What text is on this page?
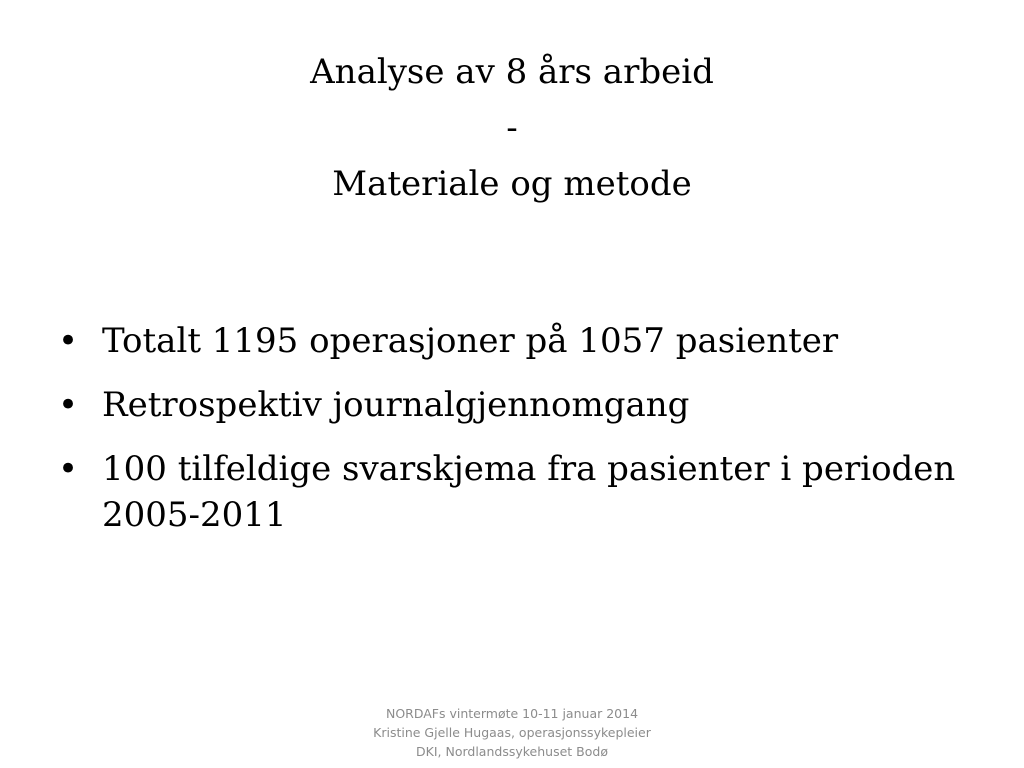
Analyse av 8 års arbeid
-
Materiale og metode
• Totalt 1195 operasjoner på 1057 pasienter
• Retrospektiv journalgjennomgang
• 100 tilfeldige svarskjema fra pasienter i perioden 2005-2011
NORDAFs vintermøte 10-11 januar 2014
Kristine Gjelle Hugaas, operasjonssykepleier
DKI, Nordlandssykehuset Bodø
